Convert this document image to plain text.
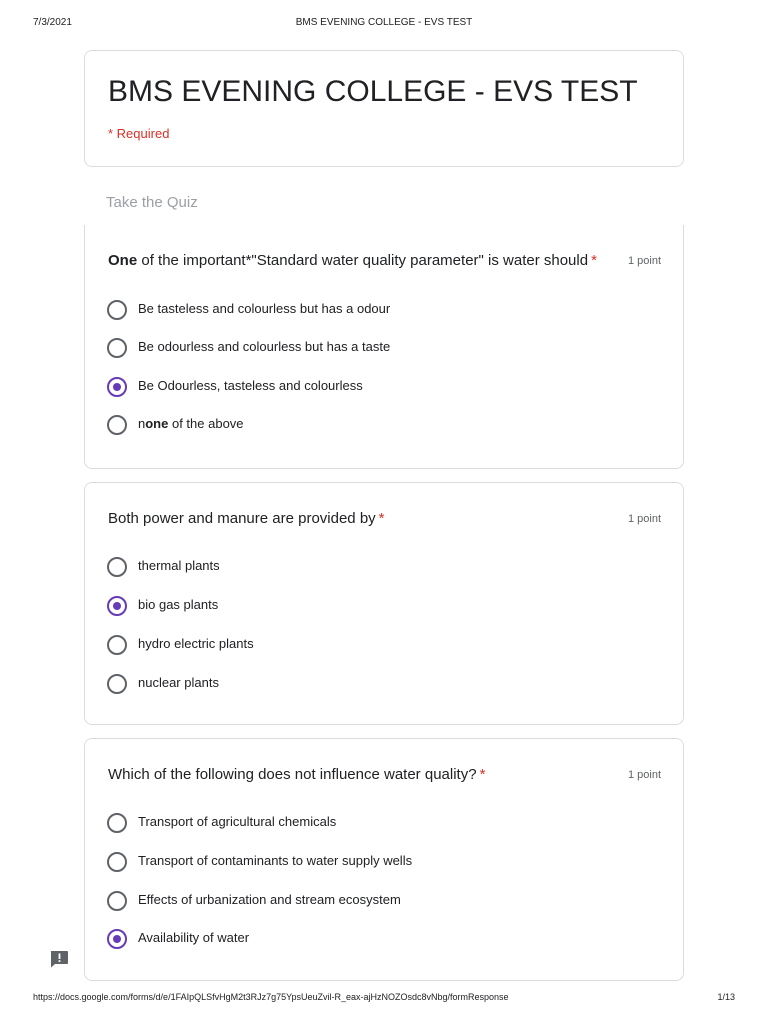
7/3/2021	BMS EVENING COLLEGE - EVS TEST
BMS EVENING COLLEGE - EVS TEST
* Required
Take the Quiz
One of the important*"Standard water quality parameter" is water should *	1 point
Be tasteless and colourless but has a odour
Be odourless and colourless but has a taste
Be Odourless, tasteless and colourless
none of the above
Both power and manure are provided by *	1 point
thermal plants
bio gas plants
hydro electric plants
nuclear plants
Which of the following does not influence water quality? *	1 point
Transport of agricultural chemicals
Transport of contaminants to water supply wells
Effects of urbanization and stream ecosystem
Availability of water
https://docs.google.com/forms/d/e/1FAIpQLSfvHgM2t3RJz7g75YpsUeuZvil-R_eax-ajHzNOZOsdc8vNbg/formResponse	1/13
